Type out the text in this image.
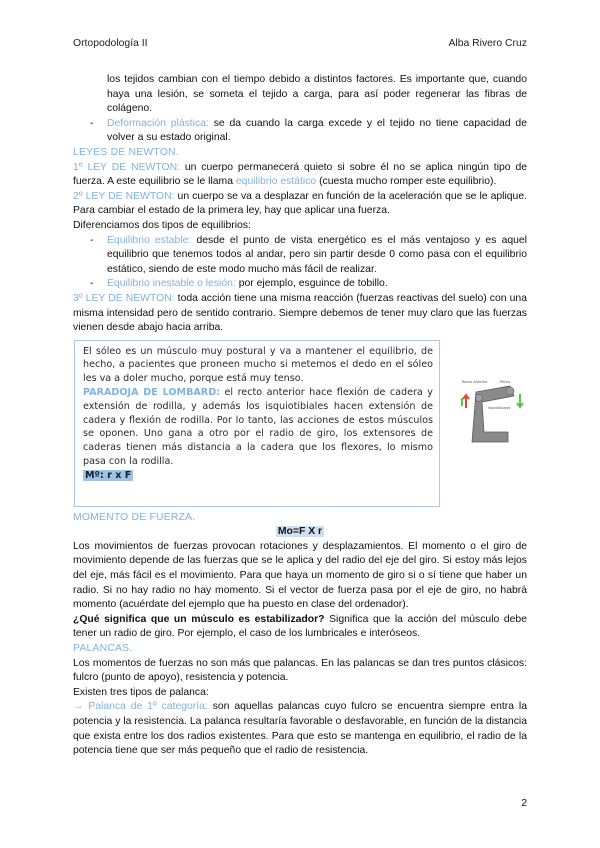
Ortopodología II	Alba Rivero Cruz

los tejidos cambian con el tiempo debido a distintos factores. Es importante que, cuando haya una lesión, se someta el tejido a carga, para así poder regenerar las fibras de colágeno.

- Deformación plástica: se da cuando la carga excede y el tejido no tiene capacidad de volver a su estado original.

LEYES DE NEWTON.

1º LEY DE NEWTON: un cuerpo permanecerá quieto si sobre él no se aplica ningún tipo de fuerza. A este equilibrio se le llama equilibrio estático (cuesta mucho romper este equilibrio).

2º LEY DE NEWTON: un cuerpo se va a desplazar en función de la aceleración que se le aplique. Para cambiar el estado de la primera ley, hay que aplicar una fuerza.

Diferenciamos dos tipos de equilibrios:

- Equilibrio estable: desde el punto de vista energético es el más ventajoso y es aquel equilibrio que tenemos todos al andar, pero sin partir desde 0 como pasa con el equilibrio estático, siendo de este modo mucho más fácil de realizar.

- Equilibrio inestable o lesión: por ejemplo, esguince de tobillo.

3º LEY DE NEWTON: toda acción tiene una misma reacción (fuerzas reactivas del suelo) con una misma intensidad pero de sentido contrario. Siempre debemos de tener muy claro que las fuerzas vienen desde abajo hacia arriba.

El sóleo es un músculo muy postural y va a mantener el equilibrio, de hecho, a pacientes que proneen mucho si metemos el dedo en el sóleo les va a doler mucho, porque está muy tenso.

PARADOJA DE LOMBARD: el recto anterior hace flexión de cadera y extensión de rodilla, y además los isquiotibiales hacen extensión de cadera y flexión de rodilla. Por lo tanto, las acciones de estos músculos se oponen. Uno gana a otro por el radio de giro, los extensores de caderas tienen más distancia a la cadera que los flexores, lo mismo pasa con la rodilla.

Mº: r x F

Recto Anterior	Pelvis
Isquiotibiales

MOMENTO DE FUERZA.

Mo=F X r

Los movimientos de fuerzas provocan rotaciones y desplazamientos. El momento o el giro de movimiento depende de las fuerzas que se le aplica y del radio del eje del giro. Si estoy más lejos del eje, más fácil es el movimiento. Para que haya un momento de giro si o sí tiene que haber un radio. Si no hay radio no hay momento. Si el vector de fuerza pasa por el eje de giro, no habrá momento (acuérdate del ejemplo que ha puesto en clase del ordenador).

¿Qué significa que un músculo es estabilizador? Significa que la acción del músculo debe tener un radio de giro. Por ejemplo, el caso de los lumbricales e interóseos.

PALANCAS.

Los momentos de fuerzas no son más que palancas. En las palancas se dan tres puntos clásicos: fulcro (punto de apoyo), resistencia y potencia.

Existen tres tipos de palanca:

→ Palanca de 1º categoría: son aquellas palancas cuyo fulcro se encuentra siempre entra la potencia y la resistencia. La palanca resultaría favorable o desfavorable, en función de la distancia que exista entre los dos radios existentes. Para que esto se mantenga en equilibrio, el radio de la potencia tiene que ser más pequeño que el radio de resistencia.

2
